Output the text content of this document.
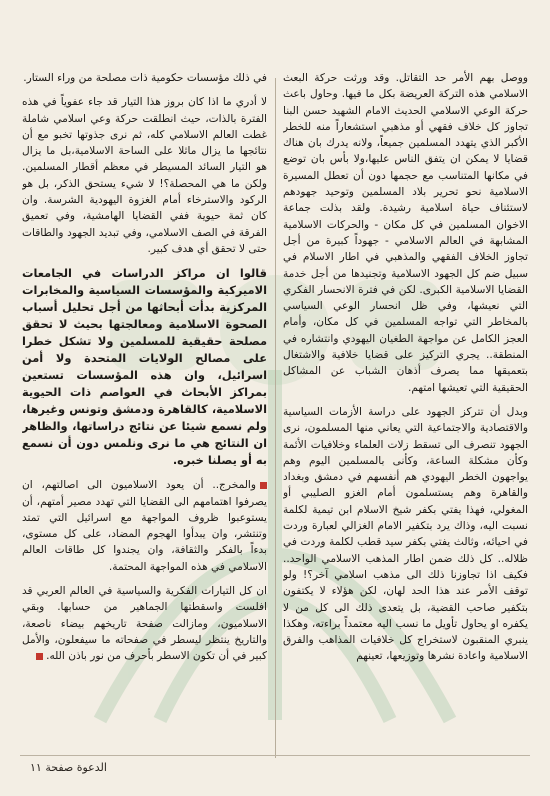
ووصل بهم الأمر حد التقاتل. وقد ورثت حركة البعث الاسلامي هذه التركة العريضة بكل ما فيها. وحاول باعث حركة الوعي الاسلامي الحديث الامام الشهيد حسن البنا تجاوز كل خلاف فقهي أو مذهبي استشعاراً منه للخطر الأكبر الذي يتهدد المسلمين جميعاً، ولانه يدرك بان هناك قضايا لا يمكن ان يتفق الناس عليها،ولا بأس بان توضع في مكانها المتناسب مع حجمها دون أن تعطل المسيرة الاسلامية نحو تحرير بلاد المسلمين وتوحيد جهودهم لاستئناف حياة اسلامية رشيدة. ولقد بذلت جماعة الاخوان المسلمين في كل مكان - والحركات الاسلامية المشابهة في العالم الاسلامي - جهوداً كبيرة من أجل تجاوز الخلاف الفقهي والمذهبي في اطار الاسلام في سبيل ضم كل الجهود الاسلامية وتجنيدها من أجل خدمة القضايا الاسلامية الكبرى. لكن في فترة الانحسار الفكري التي نعيشها، وفي ظل انحسار الوعي السياسي بالمخاطر التي تواجه المسلمين في كل مكان، وأمام العجز الكامل عن مواجهة الطغيان اليهودي وانتشاره في المنطقة.. يجري التركيز على قضايا خلافية والاشتغال بتعميقها مما يصرف أذهان الشباب عن المشاكل الحقيقية التي تعيشها امتهم.

وبدل أن تتركز الجهود على دراسة الأزمات السياسية والاقتصادية والاجتماعية التي يعاني منها المسلمون، نرى الجهود تنصرف الى تسقط زلات العلماء وخلافيات الأئمة وكأن مشكلة الساعة، وكأنى بالمسلمين اليوم وهم يواجهون الخطر اليهودي هم أنفسهم في دمشق وبغداد والقاهرة وهم يستسلمون أمام الغزو الصليبي أو المغولي، فهذا يفتي بكفر شيخ الاسلام ابن تيمية لكلمة نسبت اليه، وذاك يرد بتكفير الامام الغزالي لعبارة وردت في احيائه، وثالث يفتي بكفر سيد قطب لكلمة وردت في ظلاله.. كل ذلك ضمن اطار المذهب الاسلامي الواحد.. فكيف اذا تجاوزنا ذلك الى مذهب اسلامي آخر؟! ولو توقف الأمر عند هذا الحد لهان، لكن هؤلاء لا يكتفون بتكفير صاحب القضية، بل يتعدى ذلك الى كل من لا يكفره او يحاول تأويل ما نسب اليه معتمداً براءته، وهكذا ينبري المنقبون لاستخراج كل خلافيات المذاهب والفرق الاسلامية واعادة نشرها وتوزيعها، تعينهم

في ذلك مؤسسات حكومية ذات مصلحة من وراء الستار.

لا أدري ما اذا كان بروز هذا التيار قد جاء عفوياً في هذه الفترة بالذات، حيث انطلقت حركة وعي اسلامي شاملة غطت العالم الاسلامي كله، ثم نرى جذوتها تخبو مع أن نتائجها ما يزال ماثلا على الساحة الاسلامية،بل ما يزال هو التيار السائد المسيطر في معظم أقطار المسلمين. ولكن ما هي المحصلة؟! لا شيء يستحق الذكر، بل هو الركود والاسترخاء أمام الغزوة اليهودية الشرسة. وان كان ثمة حيوية ففي القضايا الهامشية، وفي تعميق الفرقة في الصف الاسلامي، وفي تبديد الجهود والطاقات حتى لا تحقق أي هدف كبير.

قالوا ان مراكز الدراسات في الجامعات الاميركية والمؤسسات السياسية والمخابرات المركزية بدأت أبحاثها من أجل تحليل أسباب الصحوة الاسلامية ومعالجتها بحيث لا تحقق مصلحة حقيقية للمسلمين ولا تشكل خطرا على مصالح الولايات المتحدة ولا أمن اسرائيل، وان هذه المؤسسات تستعين بمراكز الأبحاث في العواصم ذات الحيوية الاسلامية، كالقاهرة ودمشق وتونس وغيرها، ولم نسمع شيئا عن نتائج دراساتها، والظاهر ان النتائج هي ما نرى ونلمس دون أن نسمع به أو يصلنا خبره.

والمخرج.. أن يعود الاسلاميون الى اصالتهم، ان يصرفوا اهتمامهم الى القضايا التي تهدد مصير أمتهم، أن يستوعبوا ظروف المواجهة مع اسرائيل التي تمتد وتنتشر، وان يبدأوا الهجوم المضاد، على كل مستوى، بدءاً بالفكر والثقافة، وان يجندوا كل طاقات العالم الاسلامي في هذه المواجهة المحتمة.

ان كل التيارات الفكرية والسياسية في العالم العربي قد افلست واسقطتها الجماهير من حسابها. وبقي الاسلاميون، ومازالت صفحة تاريخهم بيضاء ناصعة، والتاريخ ينتظر ليسطر في صفحاته ما سيفعلون، والأمل كبير في أن تكون الاسطر بأحرف من نور باذن الله.

الدعوة صفحة ١١
